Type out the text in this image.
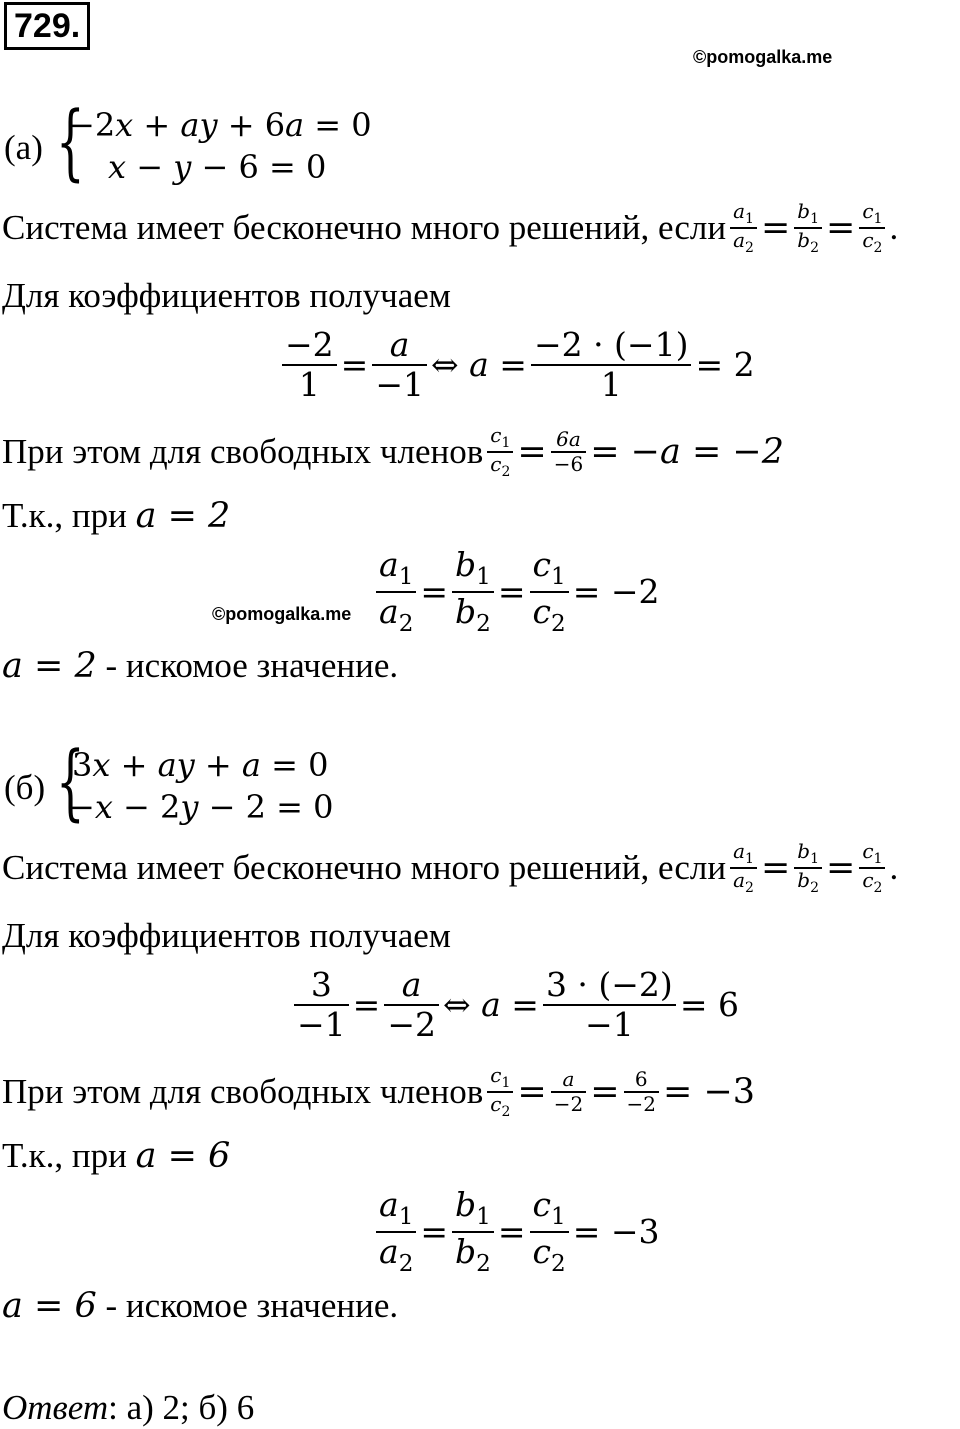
729.
©pomogalka.me
(а) {
−2𝑥 + 𝑎𝑦 + 6𝑎 = 0
𝑥 − 𝑦 − 6 = 0
Система имеет бесконечно много решений, если $\frac{a_1}{a_2} = \frac{b_1}{b_2} = \frac{c_1}{c_2}$ .
Для коэффициентов получаем
$\frac{-2}{1} = \frac{a}{-1}$ ⇔ $a = \frac{-2 \cdot (-1)}{1} = 2$
При этом для свободных членов $\frac{c_1}{c_2} = \frac{6a}{-6} = -a = -2$
Т.к., при a = 2
$\frac{a_1}{a_2} = \frac{b_1}{b_2} = \frac{c_1}{c_2} = -2$
©pomogalka.me
a = 2 - искомое значение.
(б) {
3𝑥 + 𝑎𝑦 + 𝑎 = 0
−𝑥 − 2𝑦 − 2 = 0
Система имеет бесконечно много решений, если $\frac{a_1}{a_2} = \frac{b_1}{b_2} = \frac{c_1}{c_2}$ .
Для коэффициентов получаем
$\frac{3}{-1} = \frac{a}{-2}$ ⇔ $a = \frac{3 \cdot (-2)}{-1} = 6$
При этом для свободных членов $\frac{c_1}{c_2} = \frac{a}{-2} = \frac{6}{-2} = -3$
Т.к., при a = 6
$\frac{a_1}{a_2} = \frac{b_1}{b_2} = \frac{c_1}{c_2} = -3$
a = 6 - искомое значение.
Ответ: а) 2; б) 6
